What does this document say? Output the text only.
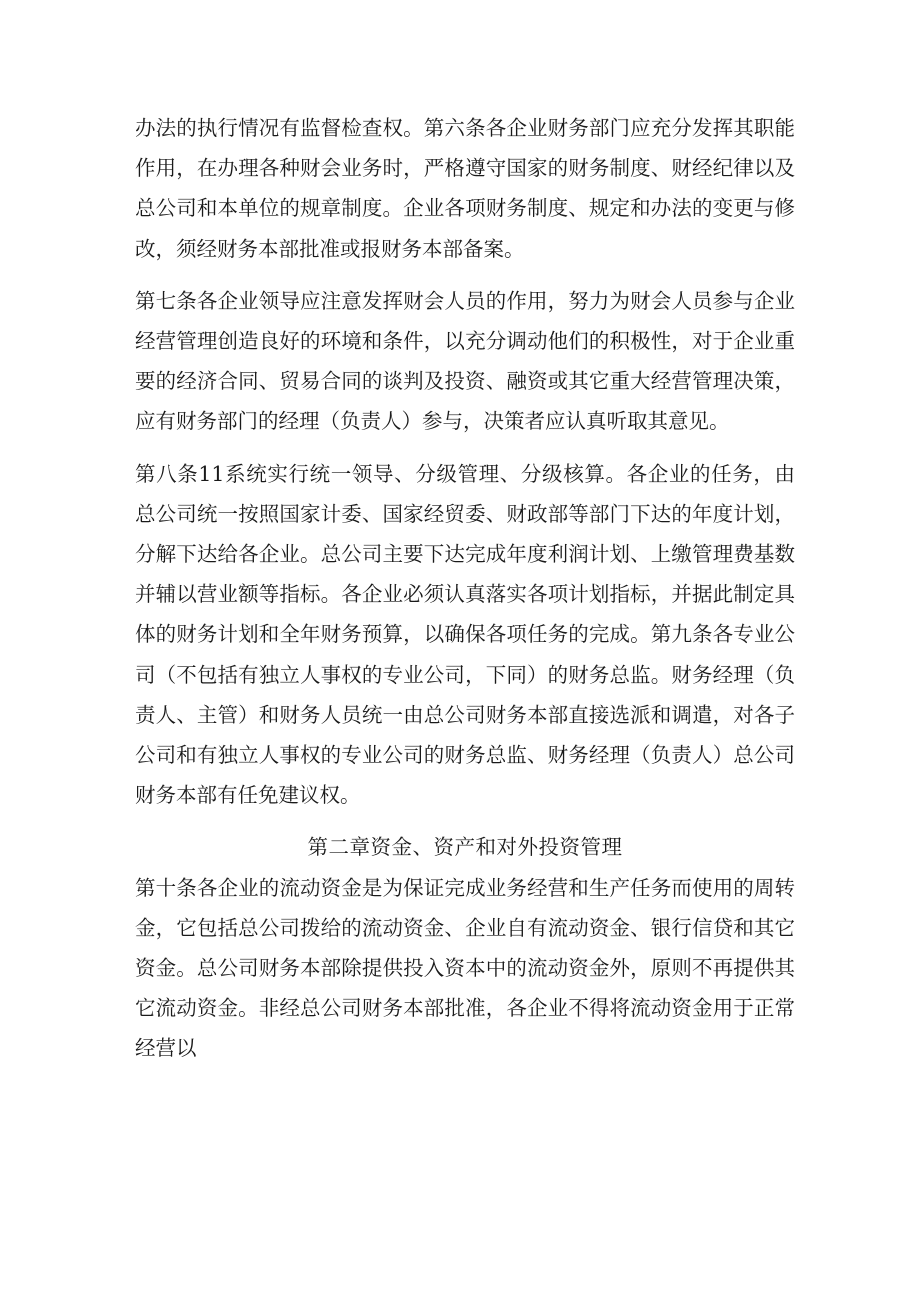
办法的执行情况有监督检查权。第六条各企业财务部门应充分发挥其职能作用，在办理各种财会业务时，严格遵守国家的财务制度、财经纪律以及总公司和本单位的规章制度。企业各项财务制度、规定和办法的变更与修改，须经财务本部批准或报财务本部备案。

第七条各企业领导应注意发挥财会人员的作用，努力为财会人员参与企业经营管理创造良好的环境和条件，以充分调动他们的积极性，对于企业重要的经济合同、贸易合同的谈判及投资、融资或其它重大经营管理决策，应有财务部门的经理（负责人）参与，决策者应认真听取其意见。

第八条11系统实行统一领导、分级管理、分级核算。各企业的任务，由总公司统一按照国家计委、国家经贸委、财政部等部门下达的年度计划，分解下达给各企业。总公司主要下达完成年度利润计划、上缴管理费基数并辅以营业额等指标。各企业必须认真落实各项计划指标，并据此制定具体的财务计划和全年财务预算，以确保各项任务的完成。第九条各专业公司（不包括有独立人事权的专业公司，下同）的财务总监。财务经理（负责人、主管）和财务人员统一由总公司财务本部直接选派和调遣，对各子公司和有独立人事权的专业公司的财务总监、财务经理（负责人）总公司财务本部有任免建议权。

第二章资金、资产和对外投资管理

第十条各企业的流动资金是为保证完成业务经营和生产任务而使用的周转金，它包括总公司拨给的流动资金、企业自有流动资金、银行信贷和其它资金。总公司财务本部除提供投入资本中的流动资金外，原则不再提供其它流动资金。非经总公司财务本部批准，各企业不得将流动资金用于正常经营以
